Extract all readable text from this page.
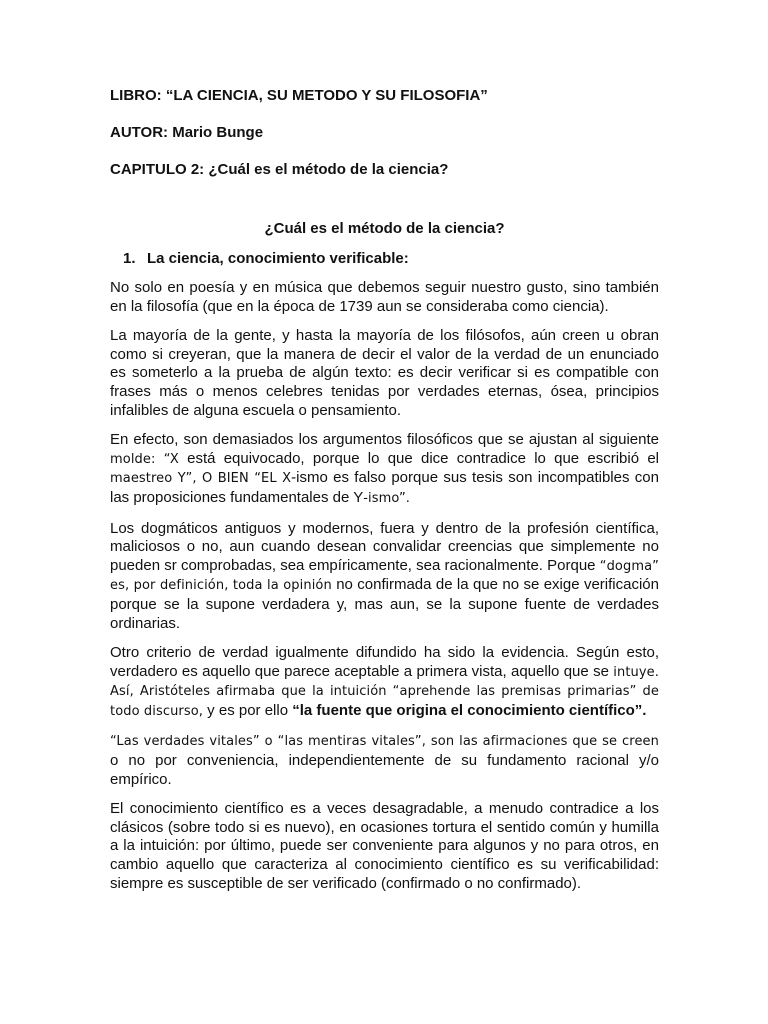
LIBRO: “LA CIENCIA, SU METODO Y SU FILOSOFIA”
AUTOR: Mario Bunge
CAPITULO 2: ¿Cuál es el método de la ciencia?
¿Cuál es el método de la ciencia?
1. La ciencia, conocimiento verificable:

No solo en poesía y en música que debemos seguir nuestro gusto, sino también en la filosofía (que en la época de 1739 aun se consideraba como ciencia).

La mayoría de la gente, y hasta la mayoría de los filósofos, aún creen u obran como si creyeran, que la manera de decir el valor de la verdad de un enunciado es someterlo a la prueba de algún texto: es decir verificar si es compatible con frases más o menos celebres tenidas por verdades eternas, ósea, principios infalibles de alguna escuela o pensamiento.

En efecto, son demasiados los argumentos filosóficos que se ajustan al siguiente molde: “X está equivocado, porque lo que dice contradice lo que escribió el maestreo Y”, O BIEN “EL X-ismo es falso porque sus tesis son incompatibles con las proposiciones fundamentales de Y-ismo”.

Los dogmáticos antiguos y modernos, fuera y dentro de la profesión científica, maliciosos o no, aun cuando desean convalidar creencias que simplemente no pueden sr comprobadas, sea empíricamente, sea racionalmente. Porque “dogma” es, por definición, toda la opinión no confirmada de la que no se exige verificación porque se la supone verdadera y, mas aun, se la supone fuente de verdades ordinarias.

Otro criterio de verdad igualmente difundido ha sido la evidencia. Según esto, verdadero es aquello que parece aceptable a primera vista, aquello que se intuye. Así, Aristóteles afirmaba que la intuición “aprehende las premisas primarias” de todo discurso, y es por ello “la fuente que origina el conocimiento científico”.

“Las verdades vitales” o “las mentiras vitales”, son las afirmaciones que se creen o no por conveniencia, independientemente de su fundamento racional y/o empírico.

El conocimiento científico es a veces desagradable, a menudo contradice a los clásicos (sobre todo si es nuevo), en ocasiones tortura el sentido común y humilla a la intuición: por último, puede ser conveniente para algunos y no para otros, en cambio aquello que caracteriza al conocimiento científico es su verificabilidad: siempre es susceptible de ser verificado (confirmado o no confirmado).
